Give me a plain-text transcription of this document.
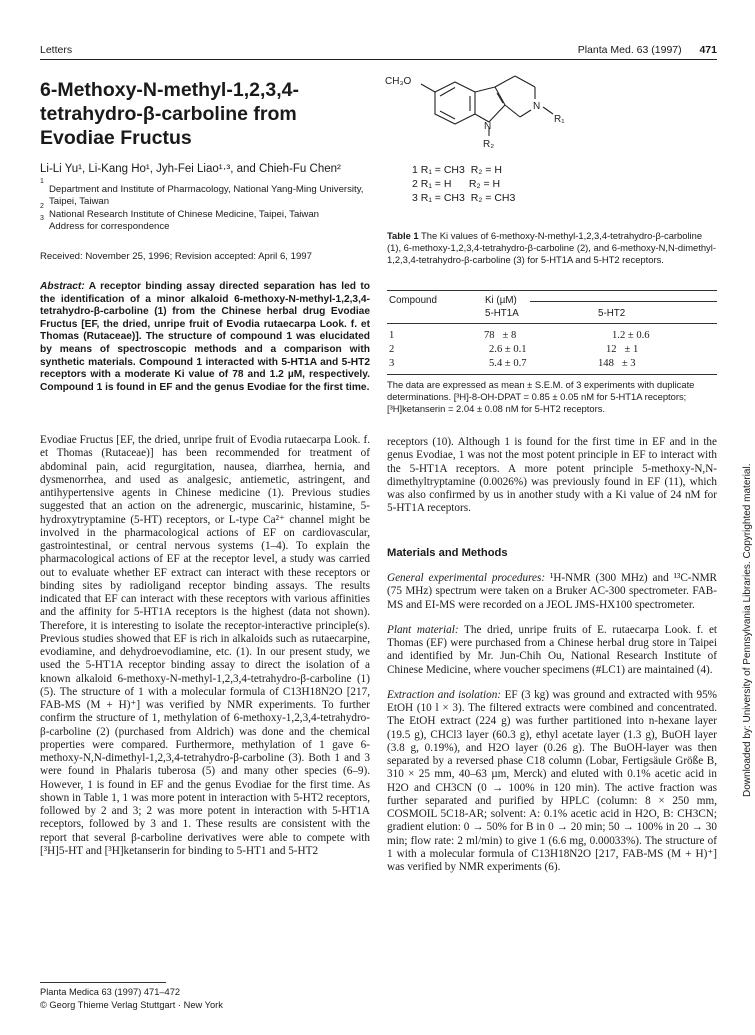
Letters	Planta Med. 63 (1997) 471
6-Methoxy-N-methyl-1,2,3,4-tetrahydro-β-carboline from Evodiae Fructus
Li-Li Yu¹, Li-Kang Ho¹, Jyh-Fei Liao¹·³, and Chieh-Fu Chen²
1
Department and Institute of Pharmacology, National Yang-Ming University, Taipei, Taiwan
2
National Research Institute of Chinese Medicine, Taipei, Taiwan
3
Address for correspondence
Received: November 25, 1996; Revision accepted: April 6, 1997
Abstract: A receptor binding assay directed separation has led to the identification of a minor alkaloid 6-methoxy-N-methyl-1,2,3,4-tetrahydro-β-carboline (1) from the Chinese herbal drug Evodiae Fructus [EF, the dried, unripe fruit of Evodia rutaecarpa Look. f. et Thomas (Rutaceae)]. The structure of compound 1 was elucidated by means of spectroscopic methods and a comparison with synthetic materials. Compound 1 interacted with 5-HT1A and 5-HT2 receptors with a moderate Ki value of 78 and 1.2 µM, respectively. Compound 1 is found in EF and the genus Evodiae for the first time.
CH₃O
N
N
R₁
R₂
1 R₁ = CH3  R₂ = H
2 R₁ = H      R₂ = H
3 R₁ = CH3  R₂ = CH3
Table 1 The Ki values of 6-methoxy-N-methyl-1,2,3,4-tetrahydro-β-carboline (1), 6-methoxy-1,2,3,4-tetrahydro-β-carboline (2), and 6-methoxy-N,N-dimethyl-1,2,3,4-tetrahydro-β-carboline (3) for 5-HT1A and 5-HT2 receptors.
Compound	Ki (µM)
5-HT1A	5-HT2
1	78   ± 8	1.2 ± 0.6
2	2.6 ± 0.1	12   ± 1
3	5.4 ± 0.7	148   ± 3
The data are expressed as mean ± S.E.M. of 3 experiments with duplicate determinations. [³H]-8-OH-DPAT = 0.85 ± 0.05 nM for 5-HT1A receptors; [³H]ketanserin = 2.04 ± 0.08 nM for 5-HT2 receptors.
Evodiae Fructus [EF, the dried, unripe fruit of Evodia rutaecarpa Look. f. et Thomas (Rutaceae)] has been recommended for treatment of abdominal pain, acid regurgitation, nausea, diarrhea, hernia, and dysmenorrhea, and used as analgesic, antiemetic, astringent, and antihypertensive agents in Chinese medicine (1). Previous studies suggested that an action on the adrenergic, muscarinic, histamine, 5-hydroxytryptamine (5-HT) receptors, or L-type Ca²⁺ channel might be involved in the pharmacological actions of EF on cardiovascular, gastrointestinal, or central nervous systems (1–4). To explain the pharmacological actions of EF at the receptor level, a study was carried out to evaluate whether EF extract can interact with these receptors or binding sites by radioligand receptor binding assays. The results indicated that EF can interact with these receptors with various affinities and the affinity for 5-HT1A receptors is the highest (data not shown). Therefore, it is interesting to isolate the receptor-interactive principle(s). Previous studies showed that EF is rich in alkaloids such as rutaecarpine, evodiamine, and dehydroevodiamine, etc. (1). In our present study, we used the 5-HT1A receptor binding assay to direct the isolation of a known alkaloid 6-methoxy-N-methyl-1,2,3,4-tetrahydro-β-carboline (1) (5). The structure of 1 with a molecular formula of C13H18N2O [217, FAB-MS (M + H)⁺] was verified by NMR experiments. To further confirm the structure of 1, methylation of 6-methoxy-1,2,3,4-tetrahydro-β-carboline (2) (purchased from Aldrich) was done and the chemical properties were compared. Furthermore, methylation of 1 gave 6-methoxy-N,N-dimethyl-1,2,3,4-tetrahydro-β-carboline (3). Both 1 and 3 were found in Phalaris tuberosa (5) and many other species (6–9). However, 1 is found in EF and the genus Evodiae for the first time. As shown in Table 1, 1 was more potent in interaction with 5-HT2 receptors, followed by 2 and 3; 2 was more potent in interaction with 5-HT1A receptors, followed by 3 and 1. These results are consistent with the report that several β-carboline derivatives were able to compete with [³H]5-HT and [³H]ketanserin for binding to 5-HT1 and 5-HT2
receptors (10). Although 1 is found for the first time in EF and in the genus Evodiae, 1 was not the most potent principle in EF to interact with the 5-HT1A receptors. A more potent principle 5-methoxy-N,N-dimethyltryptamine (0.0026%) was previously found in EF (11), which was also confirmed by us in another study with a Ki value of 24 nM for 5-HT1A receptors.
Materials and Methods

General experimental procedures: ¹H-NMR (300 MHz) and ¹³C-NMR (75 MHz) spectrum were taken on a Bruker AC-300 spectrometer. FAB-MS and EI-MS were recorded on a JEOL JMS-HX100 spectrometer.

Plant material: The dried, unripe fruits of E. rutaecarpa Look. f. et Thomas (EF) were purchased from a Chinese herbal drug store in Taipei and identified by Mr. Jun-Chih Ou, National Research Institute of Chinese Medicine, where voucher specimens (#LC1) are maintained (4).

Extraction and isolation: EF (3 kg) was ground and extracted with 95% EtOH (10 l × 3). The filtered extracts were combined and concentrated. The EtOH extract (224 g) was further partitioned into n-hexane layer (19.5 g), CHCl3 layer (60.3 g), ethyl acetate layer (1.3 g), BuOH layer (3.8 g, 0.19%), and H2O layer (0.26 g). The BuOH-layer was then separated by a reversed phase C18 column (Lobar, Fertigsäule Größe B, 310 × 25 mm, 40–63 µm, Merck) and eluted with 0.1% acetic acid in H2O and CH3CN (0 → 100% in 120 min). The active fraction was further separated and purified by HPLC (column: 8 × 250 mm, COSMOIL 5C18-AR; solvent: A: 0.1% acetic acid in H2O, B: CH3CN; gradient elution: 0 → 50% for B in 0 → 20 min; 50 → 100% in 20 → 30 min; flow rate: 2 ml/min) to give 1 (6.6 mg, 0.00033%). The structure of 1 with a molecular formula of C13H18N2O [217, FAB-MS (M + H)⁺] was verified by NMR experiments (6).

Planta Medica 63 (1997) 471–472
© Georg Thieme Verlag Stuttgart · New York
Downloaded by: University of Pennsylvania Libraries. Copyrighted material.
